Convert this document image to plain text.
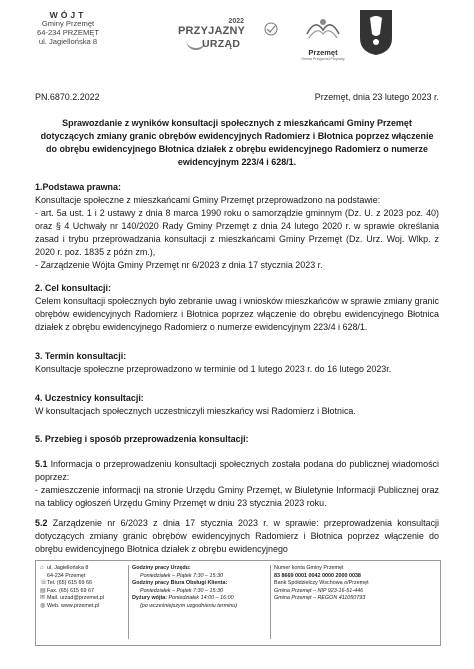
WÓJT
Gminy Przemęt
64-234 PRZEMĘT
ul. Jagiellońska 8
2022
PRZYJAZNY
URZĄD
Przemęt
Gmina Przyjaznej Przyrody
PN.6870.2.2022	Przemęt, dnia 23 lutego 2023 r.
Sprawozdanie z wyników konsultacji społecznych z mieszkańcami Gminy Przemęt dotyczących zmiany granic obrębów ewidencyjnych Radomierz i Błotnica poprzez włączenie do obrębu ewidencyjnego Błotnica działek z obrębu ewidencyjnego Radomierz o numerze ewidencyjnym 223/4 i 628/1.
1.Podstawa prawna:
Konsultacje społeczne z mieszkańcami Gminy Przemęt przeprowadzono na podstawie:
- art. 5a ust. 1 i 2 ustawy z dnia 8 marca 1990 roku o samorządzie gminnym (Dz. U. z 2023 poz. 40) oraz § 4 Uchwały nr 140/2020 Rady Gminy Przemęt z dnia 24 lutego 2020 r. w sprawie określania zasad i trybu przeprowadzania konsultacji z mieszkańcami Gminy Przemęt (Dz. Urz. Woj. Wlkp. z 2020 r. poz. 1835 z późn zm.),
- Zarządzenie Wójta Gminy Przemęt nr 6/2023 z dnia 17 stycznia 2023 r.
2. Cel konsultacji:
Celem konsultacji społecznych było zebranie uwag i wniosków mieszkańców w sprawie zmiany granic obrębów ewidencyjnych Radomierz i Błotnica poprzez włączenie do obrębu ewidencyjnego Błotnica działek z obrębu ewidencyjnego Radomierz o numerze ewidencyjnym 223/4 i 628/1.
3. Termin konsultacji:
Konsultacje społeczne przeprowadzono w terminie od 1 lutego 2023 r. do 16 lutego 2023r.
4. Uczestnicy konsultacji:
W konsultacjach społecznych uczestniczyli mieszkańcy wsi Radomierz i Błotnica.
5. Przebieg i sposób przeprowadzenia konsultacji:
5.1 Informacja o przeprowadzeniu konsultacji społecznych została podana do publicznej wiadomości poprzez:
- zamieszczenie informacji na stronie Urzędu Gminy Przemęt, w Biuletynie Informacji Publicznej oraz na tablicy ogłoszeń Urzędu Gminy Przemęt w dniu 23 stycznia 2023 roku.
5.2 Zarządzenie nr 6/2023 z dnia 17 stycznia 2023 r. w sprawie: przeprowadzenia konsultacji dotyczących zmiany granic obrębów ewidencyjnych Radomierz i Błotnica poprzez włączenie do obrębu ewidencyjnego Błotnica działek z obrębu ewidencyjnego
⌂ ul. Jagiellońska 8
64-234 Przemęt
☏ Tel. (65) 615 69 66
▤ Fax. (65) 615 69 67
✉ Mail. urzad@przemet.pl
◍ Web. www.przemet.pl
Godziny pracy Urzędu:
Poniedziałek – Piątek 7:30 – 15:30
Godziny pracy Biura Obsługi Klienta:
Poniedziałek – Piątek 7:30 – 15:30
Dyżury wójta: Poniedziałek 14:00 – 16:00
(po wcześniejszym uzgodnieniu terminu)
Numer konta Gminy Przemęt
83 8669 0001 0042 0000 2000 0038
Bank Spółdzielczy Wschowa o/Przemęt
Gmina Przemęt – NIP 923-16-51-446
Gmina Przemęt – REGON 411050793
